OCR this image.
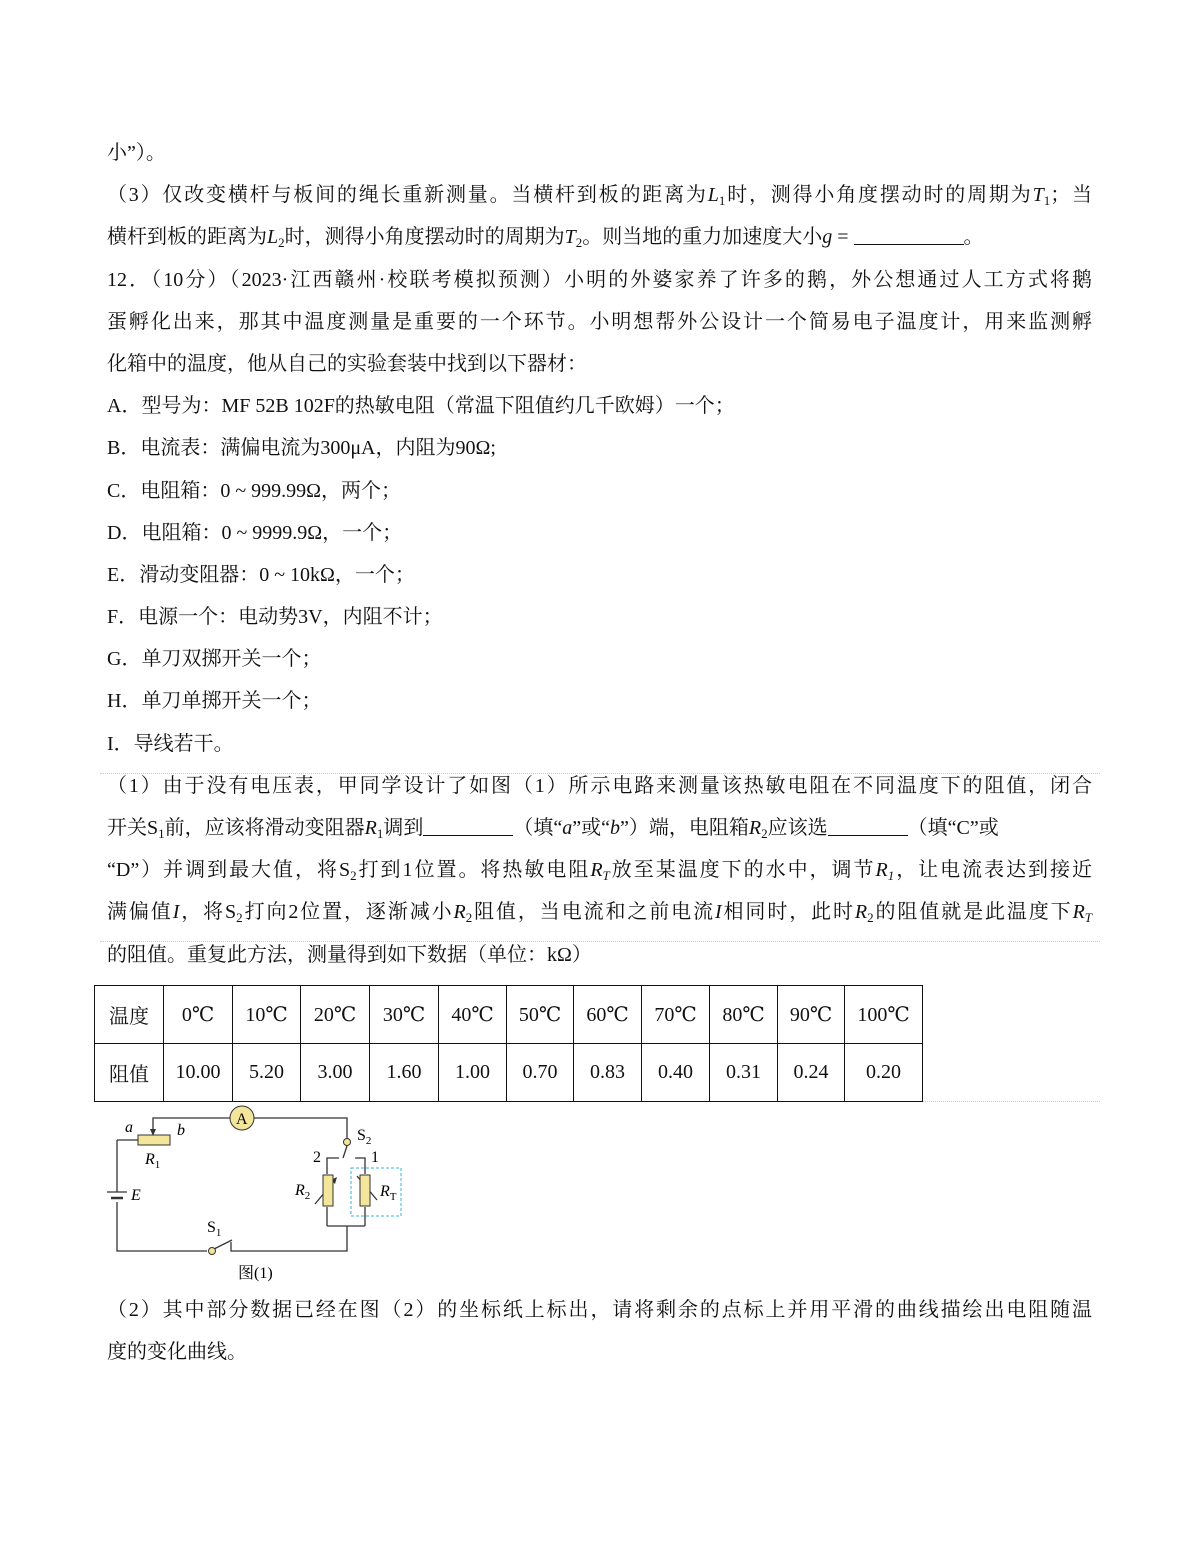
小”）。
（3）仅改变横杆与板间的绳长重新测量。当横杆到板的距离为$L_1$时，测得小角度摆动时的周期为$T_1$；当
横杆到板的距离为$L_2$时，测得小角度摆动时的周期为$T_2$。则当地的重力加速度大小g =	。
12．（10分）（2023·江西赣州·校联考模拟预测）小明的外婆家养了许多的鹅，外公想通过人工方式将鹅
蛋孵化出来，那其中温度测量是重要的一个环节。小明想帮外公设计一个简易电子温度计，用来监测孵
化箱中的温度，他从自己的实验套装中找到以下器材：
A．型号为：MF 52B 102F的热敏电阻（常温下阻值约几千欧姆）一个；
B．电流表：满偏电流为300μA，内阻为90Ω;
C．电阻箱：0 ~ 999.99Ω，两个；
D．电阻箱：0 ~ 9999.9Ω，一个；
E．滑动变阻器：0 ~ 10kΩ，一个；
F．电源一个：电动势3V，内阻不计；
G．单刀双掷开关一个；
H．单刀单掷开关一个；
I．导线若干。
（1）由于没有电压表，甲同学设计了如图（1）所示电路来测量该热敏电阻在不同温度下的阻值，闭合
开关$S_1$前，应该将滑动变阻器$R_1$调到	（填“a”或“b”）端，电阻箱$R_2$应该选	（填“C”或
“D”）并调到最大值，将$S_2$打到1位置。将热敏电阻$R_T$放至某温度下的水中，调节$R_1$，让电流表达到接近
满偏值I，将$S_2$打向2位置，逐渐减小$R_2$阻值，当电流和之前电流I相同时，此时$R_2$的阻值就是此温度下$R_T$
的阻值。重复此方法，测量得到如下数据（单位：kΩ）
温度	0℃	10℃	20℃	30℃	40℃	50℃	60℃	70℃	80℃	90℃	100℃
阻值	10.00	5.20	3.00	1.60	1.00	0.70	0.83	0.40	0.31	0.24	0.20
A
a	b
$R_1$
E
$S_2$
2	1
$R_2$	$R_T$
$S_1$
图(1)
（2）其中部分数据已经在图（2）的坐标纸上标出，请将剩余的点标上并用平滑的曲线描绘出电阻随温
度的变化曲线。
